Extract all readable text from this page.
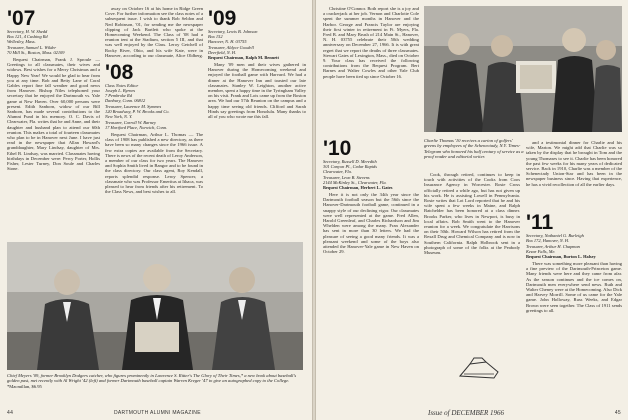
'07
Secretary, H. W. Shedd
Box 121, 4 Cushing Rd
Wellesley, Mass.
Treasurer, Samuel L. Wilder
70 Mill St., Boston, Mass. 02109

Bequest Chairman, Frank J. Sproule — Greetings to all classmates, their wives and widows. Best wishes for a Merry Christmas and a Happy New Year! We would be glad to hear from you at any time. Bob and Betty Lane of Coral Gables report fine fall weather and good news from Hanover. Bishop Niles telephoned your secretary that he enjoyed the Dartmouth vs. Yale game at New Haven. Over 60,000 persons were present. Edith Sanborn, widow of our Bill Sanborn, has made several contributions to the Alumni Fund in his memory. O. C. Davis of Clearwater, Fla. writes that he and Anne, and their daughter and husband plan to attend our 60th reunion. This makes a total of fourteen classmates who plan to be in Hanover next June. I have just read in the newspaper that Allan Howard's granddaughter, Mary Lindsay, daughter of Mrs. Ethel B. Lindsay, was married. Classmates having birthdays in December were: Percy Porter, Hollis Fisher, Lester Turney, Don Soule and Charles Stone.

away on October 16 at his home in Ridge Green Cove. For further information see the class notes of a subsequent issue. I wish to thank Bob Seldon and Ned Robinson, '01, for sending me the newspaper clipping of Jack Bartlett who spoke at the Homecoming Weekend. The Class of '08 had a reunion tent at the Stadium, section 5 III, and that was well enjoyed by the Class. Leroy Getchell of Rocky River, Ohio, and his wife Kate, were in Hanover, according to our classmate, Alice Oldberg.

'08
Class Notes Editor
Joseph L. Byrnes
7 Pembroke Rd
Danbury, Conn. 06812
Treasurer, Laurence M. Symmes
120 Broadway, P. W. Brooks and Co.
New York, N. Y.
Treasurer, Carroll W. Barney
17 Hartford Place, Norwich, Conn.

Bequest Chairman, Arthur L. Thomas — The class of 1908 has published a new directory, as there have been so many changes since the 1966 issue. A few extra copies are available from the Secretary. There is news of the recent death of Leroy Anderson, a member of our class for two years. The Hanover and Sophia Smith lived in Bangor and to be found in the class directory. Our class agent, Roy Kendall, reports splendid response. Leroy Spencer, a classmate who was Professor Emeritus at Ithaca, was pleased to hear from friends after his retirement. To the Class News, and best wishes to all.

'09
Secretary, Lewis B. Johnson
Box 152
Hanover, N. H. 03755
Treasurer, Aldyce Goodell
Deerfield, N. H.
Bequest Chairman, Ralph M. Bennett

Many '09 men and their wives gathered in Hanover during the Homecoming weekend and enjoyed the football game with Harvard. We had a dinner at the Hanover Inn and toasted our late classmates. Stanley W. Leighton, another active member, spent a happy time in the Tyringham Valley on his visit. Frank and Lois came up from the Boston area. We had our 57th Reunion on the campus and a happy time seeing old friends. Clifford and Sarah Hinds say greetings from Honolulu. Many thanks to all of you who wrote me this fall.

Chief Meyers '09, former Brooklyn Dodgers catcher, who figures prominently in Lawrence S. Ritter's The Glory of Their Times,* a new book about baseball's golden past, met recently with Al Wright '42 (left) and former Dartmouth baseball captain Warren Kreger '47 to give an autographed copy to the College. *Macmillan, $6.95
44	DARTMOUTH ALUMNI MAGAZINE

Christine O'Connor. Both report she is a joy and a crackerjack at her job. Vernon and Charlotte Cole spent the summer months in Hanover and the Harbor. George and Francis Taylor are enjoying their first winter in retirement in Ft. Myers, Fla. Fred B. and Mary Brush of 214 Main St., Hanover, N. H. 03755 celebrate their 50th wedding anniversary on December 27, 1966. It is with great regret that we report the deaths of three classmates. Stewart Gates of Lexington, Mass., died on October 9. Your class has received the following contributions from the Bequest Program. Bert Barnes and Walter Cowles and other Yale Club people have been tied up since October 16.

'10
Secretary, Russell D. Meredith
301 Canyon Pl., Cedar Rapids
Clearwater, Fla.
Treasurer, Leon B. Stevens
2144 McKinley St., Clearwater, Fla.
Bequest Chairman, Herbert L. Gates

Here it is not only the 34th year since the Dartmouth football season but the 56th since the Hanover-Dartmouth football game, continued in a snappy style of our declining vigor. Our classmates were well represented at the game. Fred Allen, Harold Greenleaf, and Charles Richardson and Jim Whelden were among the many. Fran Alexander has sent in more than 30 letters. We had the pleasure of seeing a good many friends. It was a pleasant weekend and some of the boys also attended the Hanover-Yale game in New Haven on October 29.

Charlie Thomas '10 receives a carton of golfers' greens by employees of the Schenectady, N.Y. Times-Telegram who honored his half century of service as a proof reader and editorial writer.

Cook, through retired, continues to keep in touch with activities of the Cooks from Coos Insurance Agency in Worcester. Rosie Cross officially retired a while ago, but has not given up his work. He is assisting Lowell in Pennsylvania. Rosie writes that Lot Lord reported that he and his wife spent a few weeks in Maine, and Ralph Batchelder has been honored at a class dinner. Brooks Parker, who lives in Newport, is busy in local affairs. Bob Smith went to the Hanover reunion for a week. We congratulate the Harrisons on their 50th. Howard Wilson has retired from the Rexall Drug and Chemical Company and is now in Southern California. Ralph Holbrook sent in a photograph of some of the folks at the Peabody Museum.

and a testimonial dinner for Charlie and his wife, Marion. We might add that Charlie was so taken by the display that he brought in Tom and the young Thomases to see it. Charlie has been honored the past few weeks for his many years of dedicated service. Back in 1910, Charlie was a member of the Schenectady Union-Star and has been in the newspaper business since. Having that experience, he has a vivid recollection of all the earlier days.

'11
Secretary, Nathaniel G. Burleigh
Box 172, Hanover, N. H.
Treasurer, Arthur H. Chapman
Kezar Falls, Me.
Bequest Chairman, Burton L. Halsey

There was something more pleasant than having a fine preview of the Dartmouth-Princeton game. Many friends were here and they came from afar. As the season continues and the ice comes on, Dartmouth men everywhere send news. Ruth and Walter Cheney were at the Homecoming. Also Dick and Harvey Morrill. Some of us came for the Yale game. John Holloway, Russ Weeks, and Edgar Brown were seen together. The Class of 1911 sends greetings to all.

Issue of DECEMBER 1966	45
